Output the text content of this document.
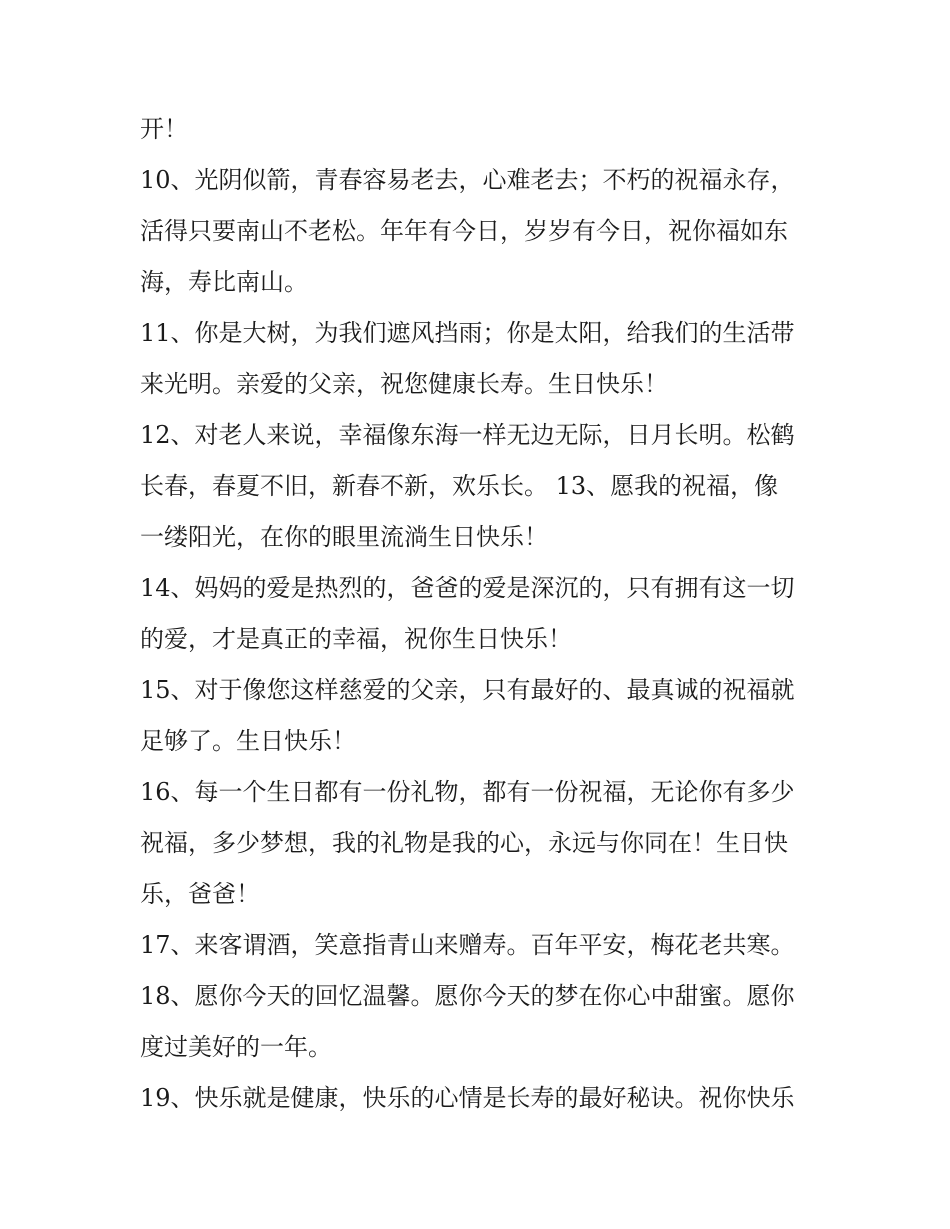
开！
10、光阴似箭，青春容易老去，心难老去；不朽的祝福永存，
活得只要南山不老松。年年有今日，岁岁有今日，祝你福如东
海，寿比南山。
11、你是大树，为我们遮风挡雨；你是太阳，给我们的生活带
来光明。亲爱的父亲，祝您健康长寿。生日快乐！
12、对老人来说，幸福像东海一样无边无际，日月长明。松鹤
长春，春夏不旧，新春不新，欢乐长。 13、愿我的祝福，像
一缕阳光，在你的眼里流淌生日快乐！
14、妈妈的爱是热烈的，爸爸的爱是深沉的，只有拥有这一切
的爱，才是真正的幸福，祝你生日快乐！
15、对于像您这样慈爱的父亲，只有最好的、最真诚的祝福就
足够了。生日快乐！
16、每一个生日都有一份礼物，都有一份祝福，无论你有多少
祝福，多少梦想，我的礼物是我的心，永远与你同在！生日快
乐，爸爸！
17、来客谓酒，笑意指青山来赠寿。百年平安，梅花老共寒。
18、愿你今天的回忆温馨。愿你今天的梦在你心中甜蜜。愿你
度过美好的一年。
19、快乐就是健康，快乐的心情是长寿的最好秘诀。祝你快乐
